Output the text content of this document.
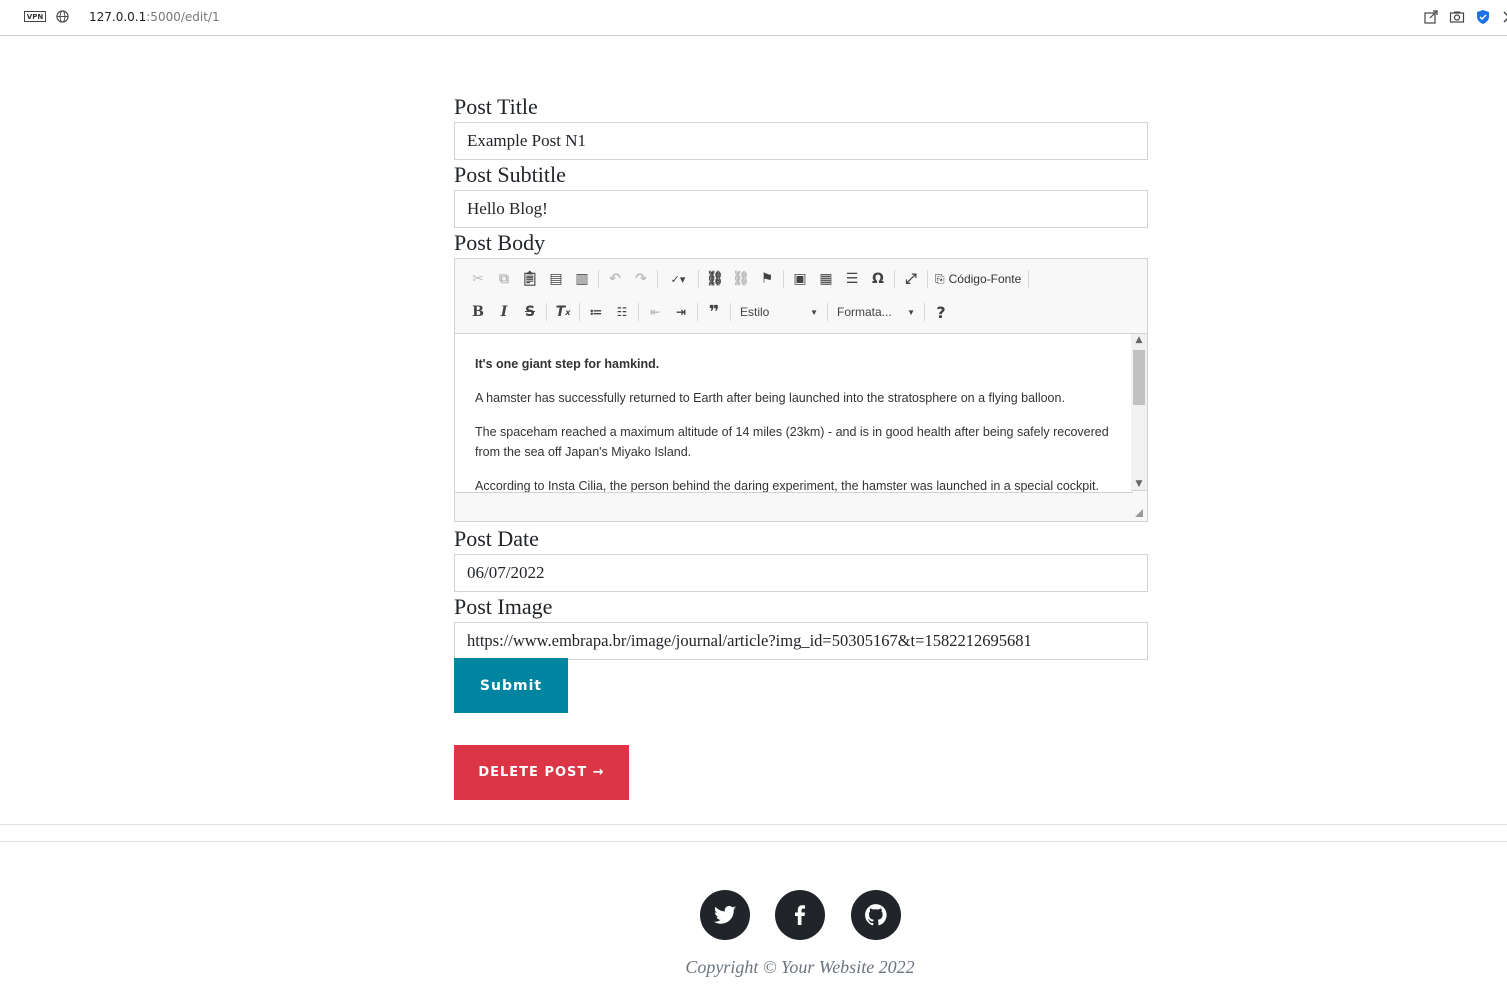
VPN	127.0.0.1:5000/edit/1
Post Title
Example Post N1
Post Subtitle
Hello Blog!
Post Body
✂	⧉ 📋︎ ▤ ▥	↶	↷	✓▾	⛓ ⛓ ⚑	▣ ▦ ☰ Ω	⤢	⎘ Código-Fonte
B	I	S	T x	≔	☷	⇤	⇥	❞	Estilo	▼ Formata... ▼	?

It's one giant step for hamkind.

A hamster has successfully returned to Earth after being launched into the stratosphere on a flying balloon.

The spaceham reached a maximum altitude of 14 miles (23km) - and is in good health after being safely recovered from the sea off Japan's Miyako Island.

According to Insta Cilia, the person behind the daring experiment, the hamster was launched in a special cockpit.

▲
▼
Post Date
06/07/2022
Post Image
https://www.embrapa.br/image/journal/article?img_id=50305167&t=1582212695681
Submit
DELETE POST →
Copyright © Your Website 2022
